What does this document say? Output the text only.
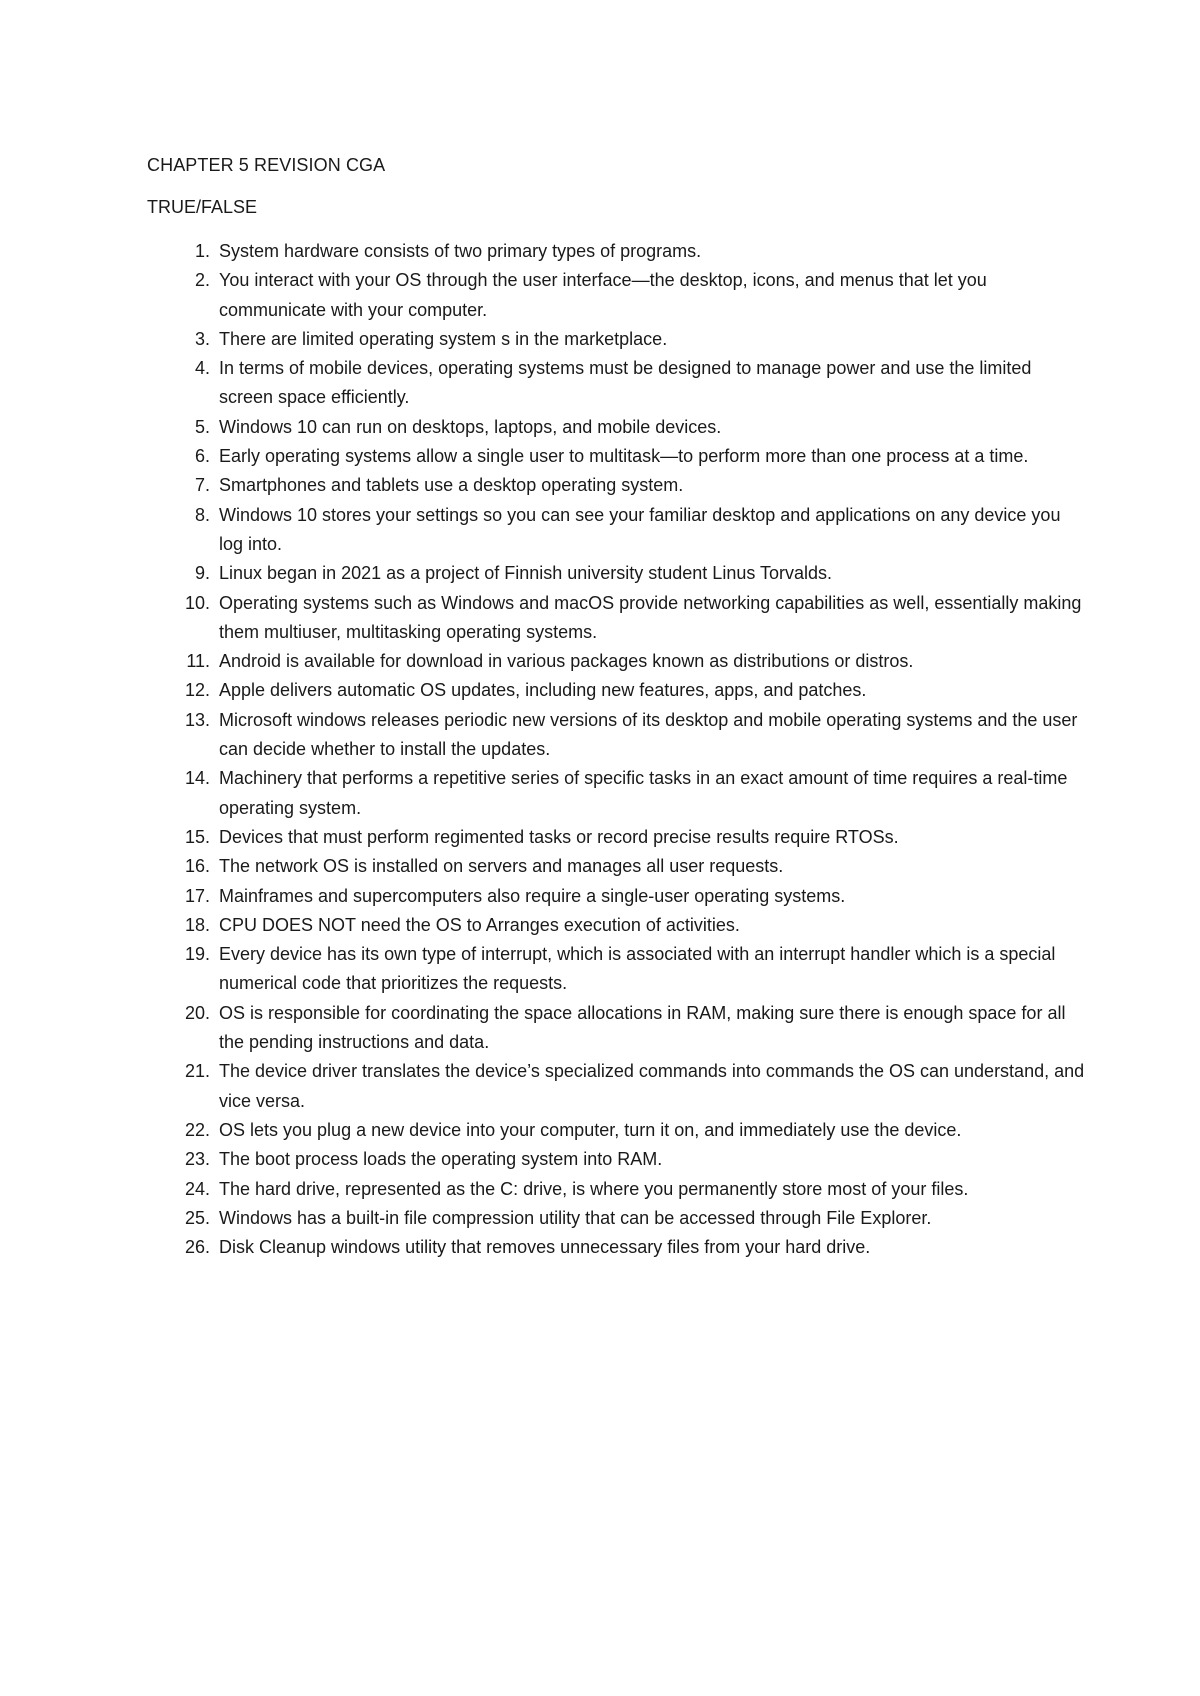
CHAPTER 5 REVISION CGA
TRUE/FALSE
1. System hardware consists of two primary types of programs.
2. You interact with your OS through the user interface—the desktop, icons, and menus that let you communicate with your computer.
3. There are limited operating system s in the marketplace.
4. In terms of mobile devices, operating systems must be designed to manage power and use the limited screen space efficiently.
5. Windows 10 can run on desktops, laptops, and mobile devices.
6. Early operating systems allow a single user to multitask—to perform more than one process at a time.
7. Smartphones and tablets use a desktop operating system.
8. Windows 10 stores your settings so you can see your familiar desktop and applications on any device you log into.
9. Linux began in 2021 as a project of Finnish university student Linus Torvalds.
10. Operating systems such as Windows and macOS provide networking capabilities as well, essentially making them multiuser, multitasking operating systems.
11. Android is available for download in various packages known as distributions or distros.
12. Apple delivers automatic OS updates, including new features, apps, and patches.
13. Microsoft windows releases periodic new versions of its desktop and mobile operating systems and the user can decide whether to install the updates.
14. Machinery that performs a repetitive series of specific tasks in an exact amount of time requires a real-time operating system.
15. Devices that must perform regimented tasks or record precise results require RTOSs.
16. The network OS is installed on servers and manages all user requests.
17. Mainframes and supercomputers also require a single-user operating systems.
18. CPU DOES NOT need the OS to Arranges execution of activities.
19. Every device has its own type of interrupt, which is associated with an interrupt handler which is a special numerical code that prioritizes the requests.
20. OS is responsible for coordinating the space allocations in RAM, making sure there is enough space for all the pending instructions and data.
21. The device driver translates the device’s specialized commands into commands the OS can understand, and vice versa.
22. OS lets you plug a new device into your computer, turn it on, and immediately use the device.
23. The boot process loads the operating system into RAM.
24. The hard drive, represented as the C: drive, is where you permanently store most of your files.
25. Windows has a built-in file compression utility that can be accessed through File Explorer.
26. Disk Cleanup windows utility that removes unnecessary files from your hard drive.
